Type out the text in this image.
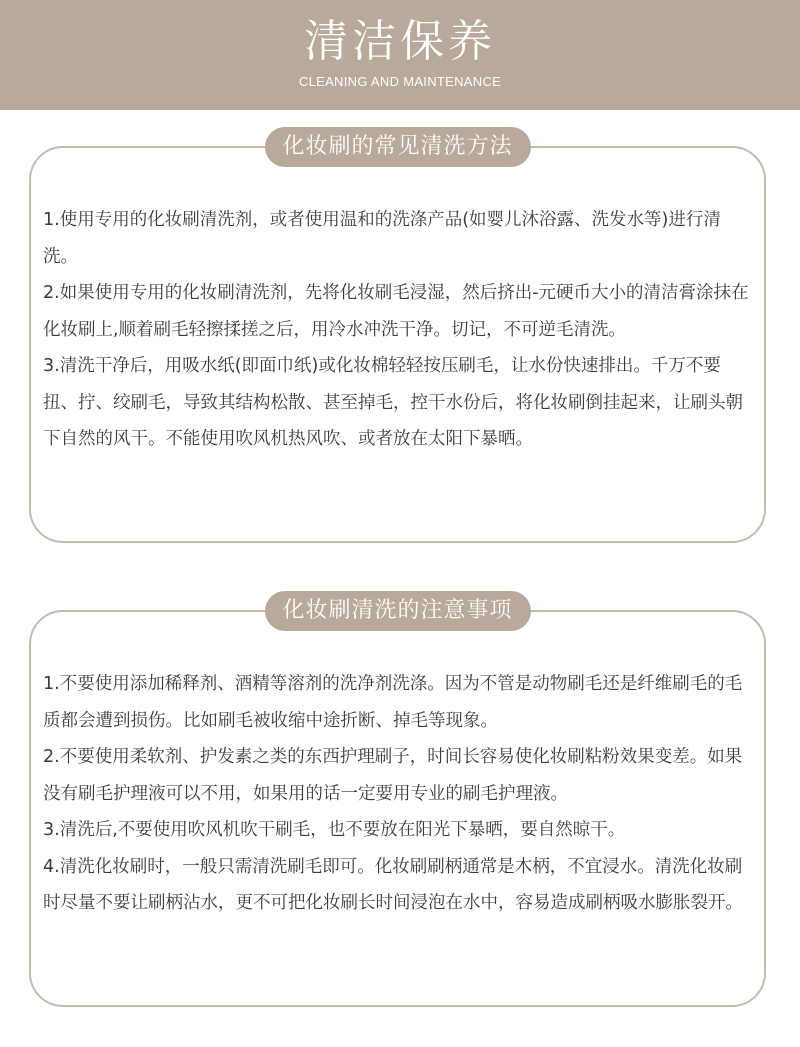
清洁保养
CLEANING AND MAINTENANCE
化妆刷的常见清洗方法

1.使用专用的化妆刷清洗剂，或者使用温和的洗涤产品(如婴儿沐浴露、洗发水等)进行清洗。

2.如果使用专用的化妆刷清洗剂，先将化妆刷毛浸湿，然后挤出-元硬币大小的清洁膏涂抹在化妆刷上,顺着刷毛轻擦揉搓之后，用冷水冲洗干净。切记，不可逆毛清洗。

3.清洗干净后，用吸水纸(即面巾纸)或化妆棉轻轻按压刷毛，让水份快速排出。千万不要扭、拧、绞刷毛，导致其结构松散、甚至掉毛，控干水份后，将化妆刷倒挂起来，让刷头朝下自然的风干。不能使用吹风机热风吹、或者放在太阳下暴晒。

化妆刷清洗的注意事项

1.不要使用添加稀释剂、酒精等溶剂的洗净剂洗涤。因为不管是动物刷毛还是纤维刷毛的毛质都会遭到损伤。比如刷毛被收缩中途折断、掉毛等现象。

2.不要使用柔软剂、护发素之类的东西护理刷子，时间长容易使化妆刷粘粉效果变差。如果没有刷毛护理液可以不用，如果用的话一定要用专业的刷毛护理液。

3.清洗后,不要使用吹风机吹干刷毛，也不要放在阳光下暴晒，要自然晾干。

4.清洗化妆刷时，一般只需清洗刷毛即可。化妆刷刷柄通常是木柄，不宜浸水。清洗化妆刷时尽量不要让刷柄沾水，更不可把化妆刷长时间浸泡在水中，容易造成刷柄吸水膨胀裂开。
